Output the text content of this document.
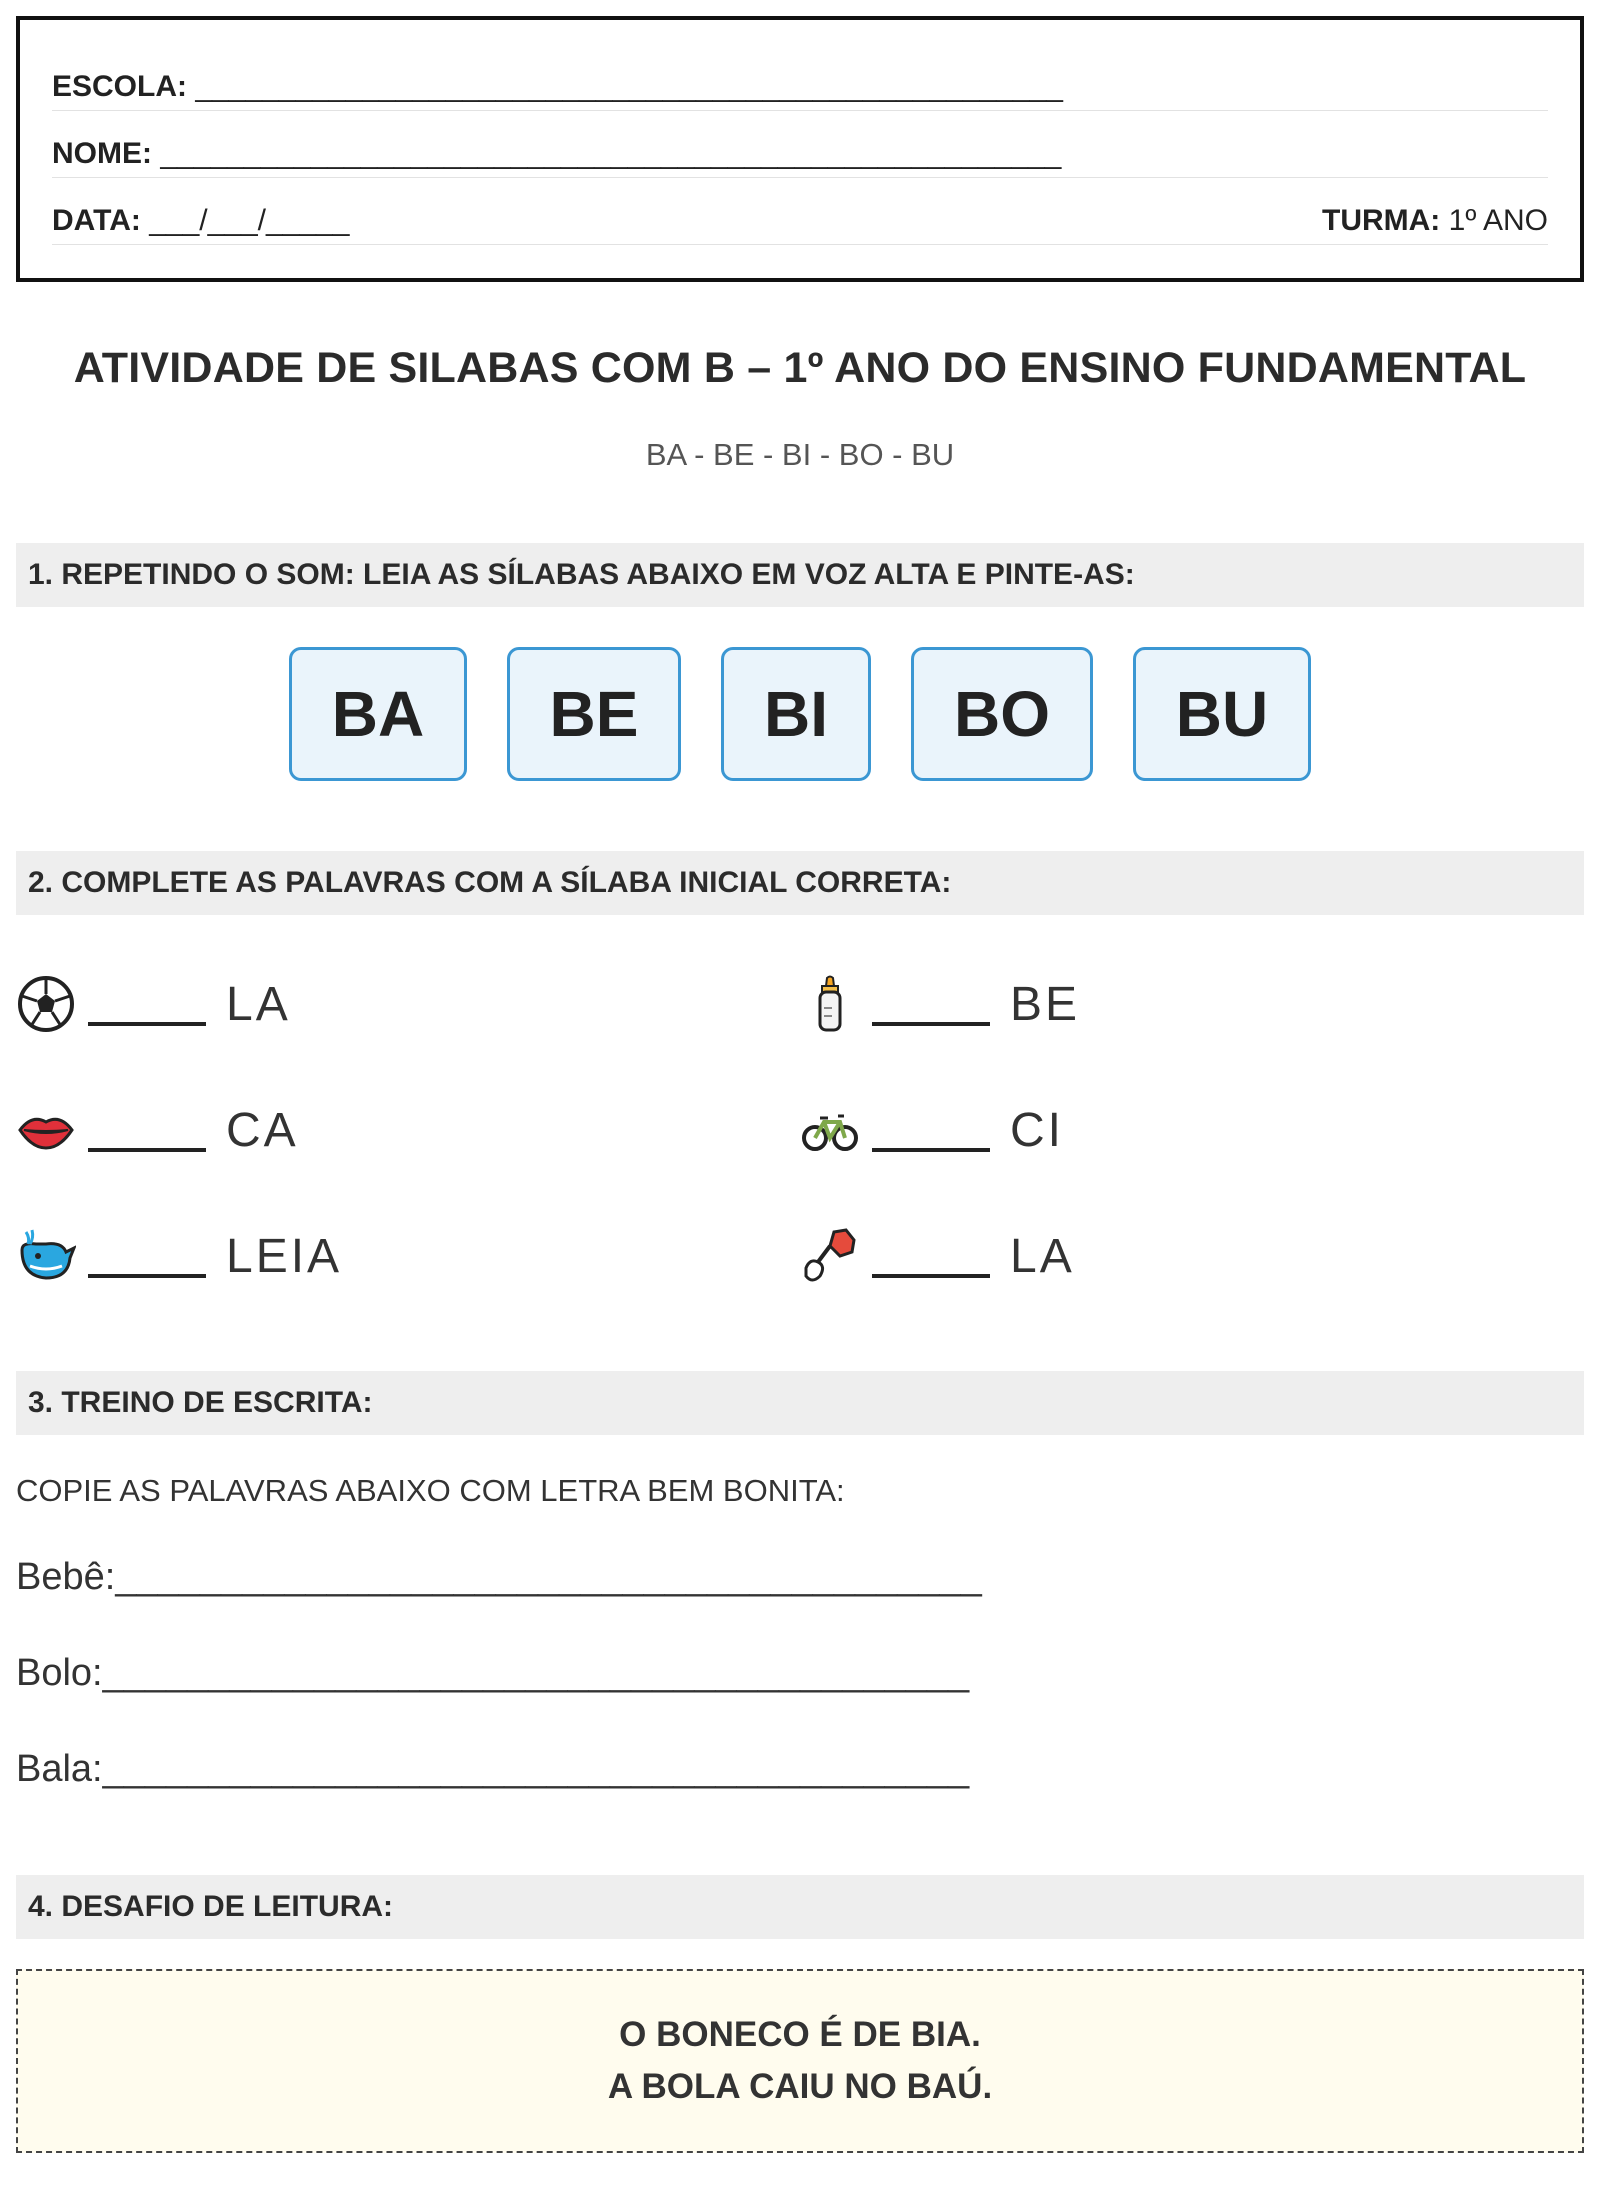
ESCOLA: ____________________________________________________
NOME: ______________________________________________________
DATA: ___/___/_____	TURMA: 1º ANO
ATIVIDADE DE SILABAS COM B – 1º ANO DO ENSINO FUNDAMENTAL
BA - BE - BI - BO - BU
1. REPETINDO O SOM: LEIA AS SÍLABAS ABAIXO EM VOZ ALTA E PINTE-AS:
BA	BE	BI	BO	BU
2. COMPLETE AS PALAVRAS COM A SÍLABA INICIAL CORRETA:
LA	BE
CA	CI
LEIA	LA
3. TREINO DE ESCRITA:
COPIE AS PALAVRAS ABAIXO COM LETRA BEM BONITA:
Bebê: _________________________________________
Bolo: _________________________________________
Bala: _________________________________________
4. DESAFIO DE LEITURA:
O BONECO É DE BIA.
A BOLA CAIU NO BAÚ.
